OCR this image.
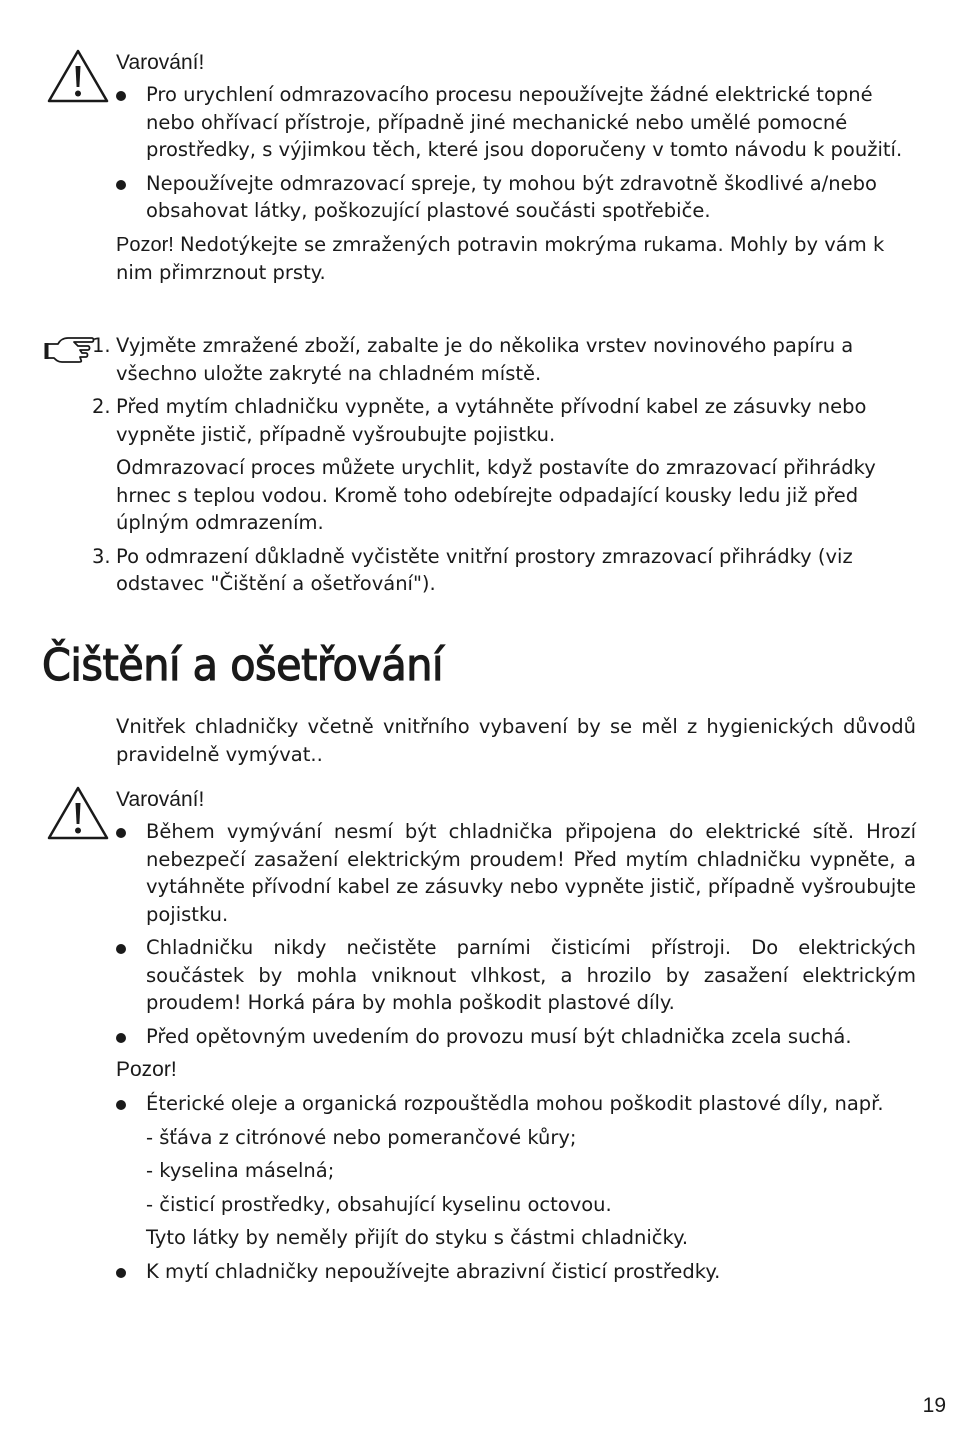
Varování!

Pro urychlení odmrazovacího procesu nepoužívejte žádné elektrické topné nebo ohřívací přístroje, případně jiné mechanické nebo umělé pomocné prostředky, s výjimkou těch, které jsou doporučeny v tomto návodu k použití.

Nepoužívejte odmrazovací spreje, ty mohou být zdravotně škodlivé a/nebo obsahovat látky, poškozující plastové součásti spotřebiče.

Pozor! Nedotýkejte se zmražených potravin mokrýma rukama. Mohly by vám k nim přimrznout prsty.

1. Vyjměte zmražené zboží, zabalte je do několika vrstev novinového papíru a všechno uložte zakryté na chladném místě.

2. Před mytím chladničku vypněte, a vytáhněte přívodní kabel ze zásuvky nebo vypněte jistič, případně vyšroubujte pojistku.

Odmrazovací proces můžete urychlit, když postavíte do zmrazovací přihrádky hrnec s teplou vodou. Kromě toho odebírejte odpadající kousky ledu již před úplným odmrazením.

3. Po odmrazení důkladně vyčistěte vnitřní prostory zmrazovací přihrádky (viz odstavec "Čištění a ošetřování").

Čištění a ošetřování

Vnitřek chladničky včetně vnitřního vybavení by se měl z hygienických důvodů pravidelně vymývat..

Varování!

Během vymývání nesmí být chladnička připojena do elektrické sítě. Hrozí nebezpečí zasažení elektrickým proudem! Před mytím chladničku vypněte, a vytáhněte přívodní kabel ze zásuvky nebo vypněte jistič, případně vyšroubujte pojistku.

Chladničku nikdy nečistěte parními čisticími přístroji. Do elektrických součástek by mohla vniknout vlhkost, a hrozilo by zasažení elektrickým proudem! Horká pára by mohla poškodit plastové díly.

Před opětovným uvedením do provozu musí být chladnička zcela suchá.

Pozor!

Éterické oleje a organická rozpouštědla mohou poškodit plastové díly, např.

- šťáva z citrónové nebo pomerančové kůry;

- kyselina máselná;

- čisticí prostředky, obsahující kyselinu octovou.

Tyto látky by neměly přijít do styku s částmi chladničky.

K mytí chladničky nepoužívejte abrazivní čisticí prostředky.

19
